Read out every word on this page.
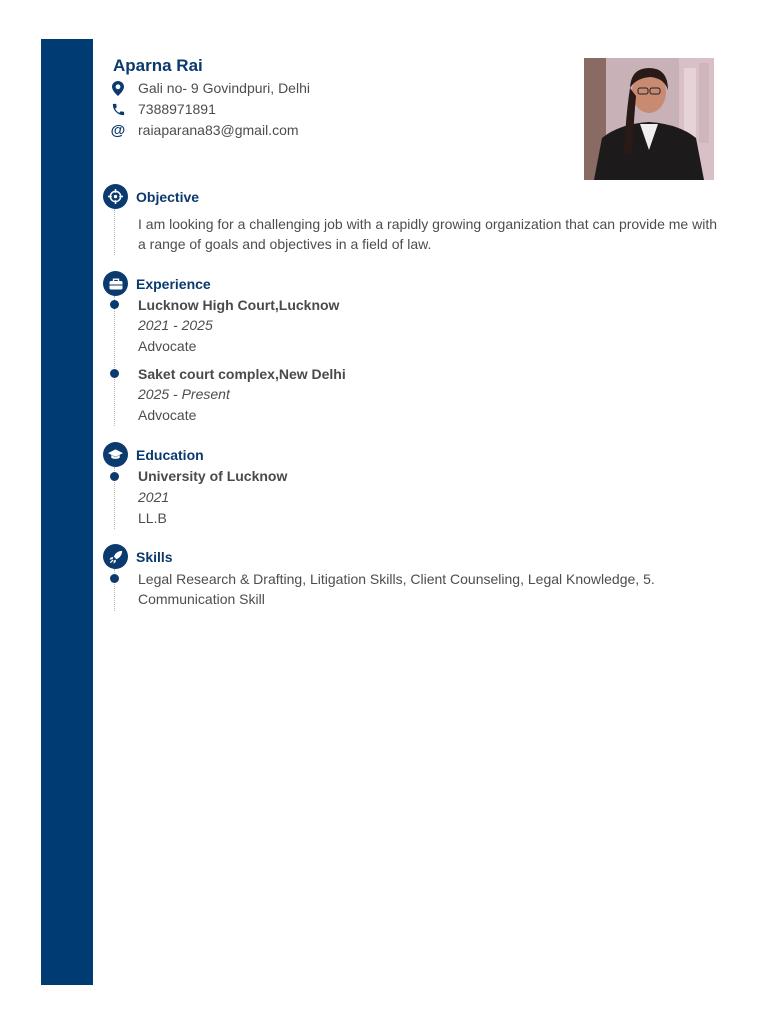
Aparna Rai
Gali no- 9 Govindpuri, Delhi
7388971891
@ raiaparana83@gmail.com
Objective
I am looking for a challenging job with a rapidly growing organization that can provide me with a range of goals and objectives in a field of law.
Experience
Lucknow High Court,Lucknow
2021 - 2025
Advocate
Saket court complex,New Delhi
2025 - Present
Advocate
Education
University of Lucknow
2021
LL.B
Skills
Legal Research & Drafting, Litigation Skills, Client Counseling, Legal Knowledge, 5. Communication Skill
